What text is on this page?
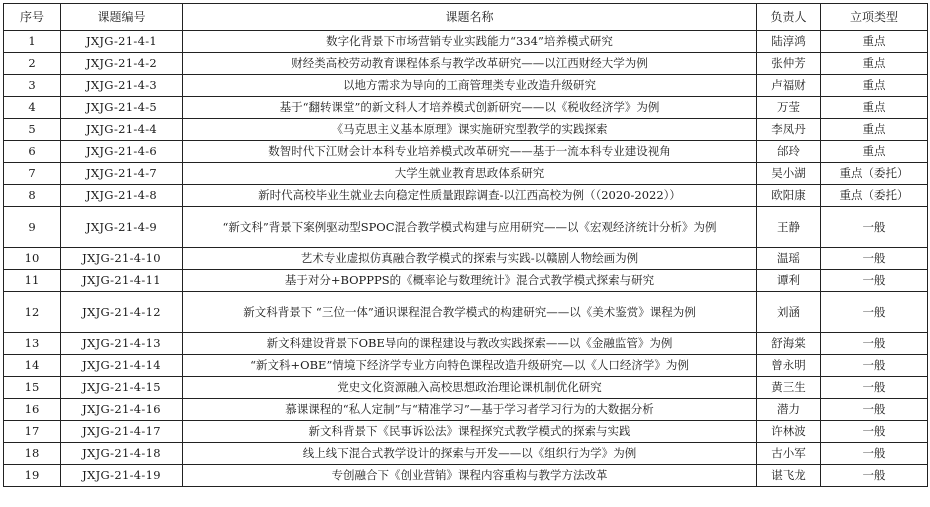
序号	课题编号	课题名称	负责人	立项类型
1	JXJG-21-4-1	数字化背景下市场营销专业实践能力“334”培养模式研究	陆淳鸿	重点
2	JXJG-21-4-2	财经类高校劳动教育课程体系与教学改革研究——以江西财经大学为例	张仲芳	重点
3	JXJG-21-4-3	以地方需求为导向的工商管理类专业改造升级研究	卢福财	重点
4	JXJG-21-4-5	基于“翻转课堂”的新文科人才培养模式创新研究——以《税收经济学》为例	万莹	重点
5	JXJG-21-4-4	《马克思主义基本原理》课实施研究型教学的实践探索	李凤丹	重点
6	JXJG-21-4-6	数智时代下江财会计本科专业培养模式改革研究——基于一流本科专业建设视角	邰玲	重点
7	JXJG-21-4-7	大学生就业教育思政体系研究	吴小湖	重点（委托）
8	JXJG-21-4-8	新时代高校毕业生就业去向稳定性质量跟踪调查-以江西高校为例（（2020-2022））	欧阳康	重点（委托）
9	JXJG-21-4-9	“新文科”背景下案例驱动型SPOC混合教学模式构建与应用研究——以《宏观经济统计分析》为例	王静	一般
10	JXJG-21-4-10	艺术专业虚拟仿真融合教学模式的探索与实践-以赣剧人物绘画为例	温瑶	一般
11	JXJG-21-4-11	基于对分+BOPPPS的《概率论与数理统计》混合式教学模式探索与研究	谭利	一般
12	JXJG-21-4-12	新文科背景下 “三位一体”通识课程混合教学模式的构建研究——以《美术鉴赏》课程为例	刘涵	一般
13	JXJG-21-4-13	新文科建设背景下OBE导向的课程建设与教改实践探索——以《金融监管》为例	舒海棠	一般
14	JXJG-21-4-14	“新文科+OBE”情境下经济学专业方向特色课程改造升级研究—以《人口经济学》为例	曾永明	一般
15	JXJG-21-4-15	党史文化资源融入高校思想政治理论课机制优化研究	黄三生	一般
16	JXJG-21-4-16	慕课课程的“私人定制”与“精准学习”—基于学习者学习行为的大数据分析	潜力	一般
17	JXJG-21-4-17	新文科背景下《民事诉讼法》课程探究式教学模式的探索与实践	许林波	一般
18	JXJG-21-4-18	线上线下混合式教学设计的探索与开发——以《组织行为学》为例	古小军	一般
19	JXJG-21-4-19	专创融合下《创业营销》课程内容重构与教学方法改革	谌飞龙	一般
